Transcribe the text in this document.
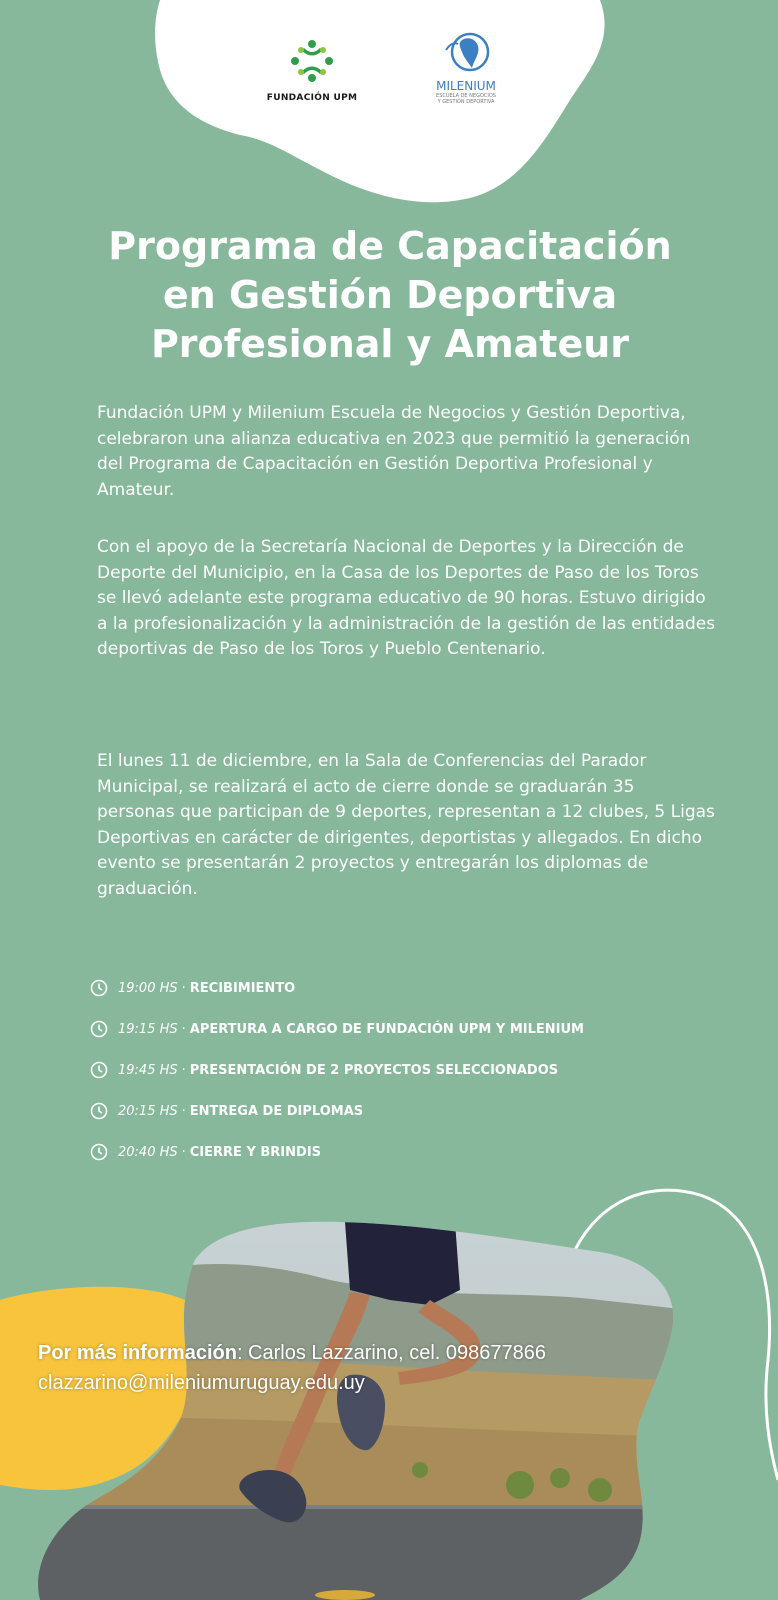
FUNDACIÓN UPM
MILENIUM
ESCUELA DE NEGOCIOS
Y GESTIÓN DEPORTIVA
Programa de Capacitación
en Gestión Deportiva
Profesional y Amateur

Fundación UPM y Milenium Escuela de Negocios y Gestión Deportiva, celebraron una alianza educativa en 2023 que permitió la generación del Programa de Capacitación en Gestión Deportiva Profesional y Amateur.

Con el apoyo de la Secretaría Nacional de Deportes y la Dirección de Deporte del Municipio, en la Casa de los Deportes de Paso de los Toros se llevó adelante este programa educativo de 90 horas. Estuvo dirigido a la profesionalización y la administración de la gestión de las entidades deportivas de Paso de los Toros y Pueblo Centenario.

El lunes 11 de diciembre, en la Sala de Conferencias del Parador Municipal, se realizará el acto de cierre donde se graduarán 35 personas que participan de 9 deportes, representan a 12 clubes, 5 Ligas Deportivas en carácter de dirigentes, deportistas y allegados. En dicho evento se presentarán 2 proyectos y entregarán los diplomas de graduación.

19:00 HS · RECIBIMIENTO
19:15 HS · APERTURA A CARGO DE FUNDACIÓN UPM Y MILENIUM
19:45 HS · PRESENTACIÓN DE 2 PROYECTOS SELECCIONADOS
20:15 HS · ENTREGA DE DIPLOMAS
20:40 HS · CIERRE Y BRINDIS
Por más información: Carlos Lazzarino, cel. 098677866
clazzarino@mileniumuruguay.edu.uy
